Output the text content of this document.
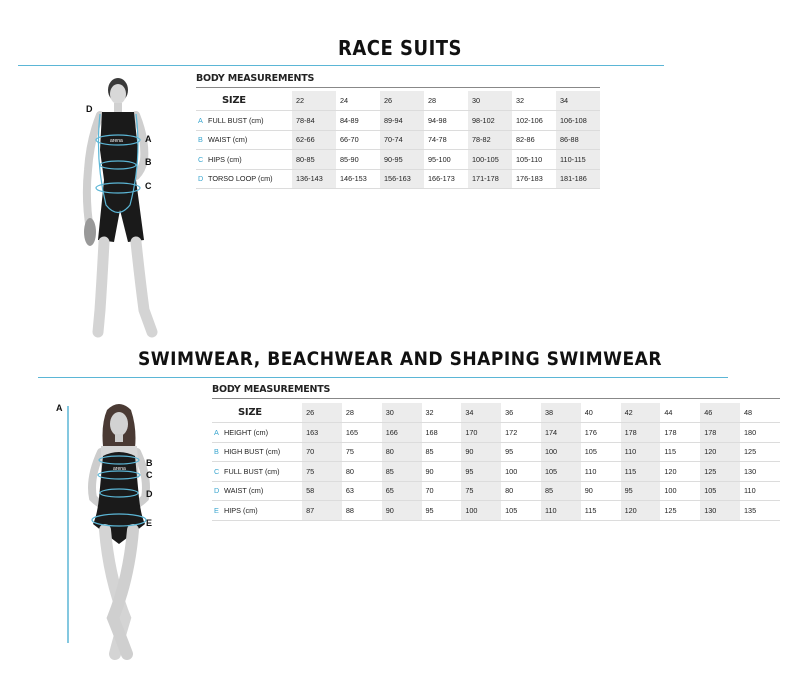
RACE SUITS
arena
D
A
B
C
BODY MEASUREMENTS
SIZE	22	24	26	28	30	32	34
A FULL BUST (cm)	78-84	84-89	89-94	94-98	98-102	102-106	106-108
B WAIST (cm)	62-66	66-70	70-74	74-78	78-82	82-86	86-88
C HIPS (cm)	80-85	85-90	90-95	95-100	100-105	105-110	110-115
D TORSO LOOP (cm)	136-143	146-153	156-163	166-173	171-178	176-183	181-186
SWIMWEAR, BEACHWEAR AND SHAPING SWIMWEAR
arena
A
B
C
D
E
BODY MEASUREMENTS
SIZE	26	28	30	32	34	36	38	40	42	44	46	48
A HEIGHT (cm)	163	165	166	168	170	172	174	176	178	178	178	180
B HIGH BUST (cm)	70	75	80	85	90	95	100	105	110	115	120	125
C FULL BUST (cm)	75	80	85	90	95	100	105	110	115	120	125	130
D WAIST (cm)	58	63	65	70	75	80	85	90	95	100	105	110
E HIPS (cm)	87	88	90	95	100	105	110	115	120	125	130	135
